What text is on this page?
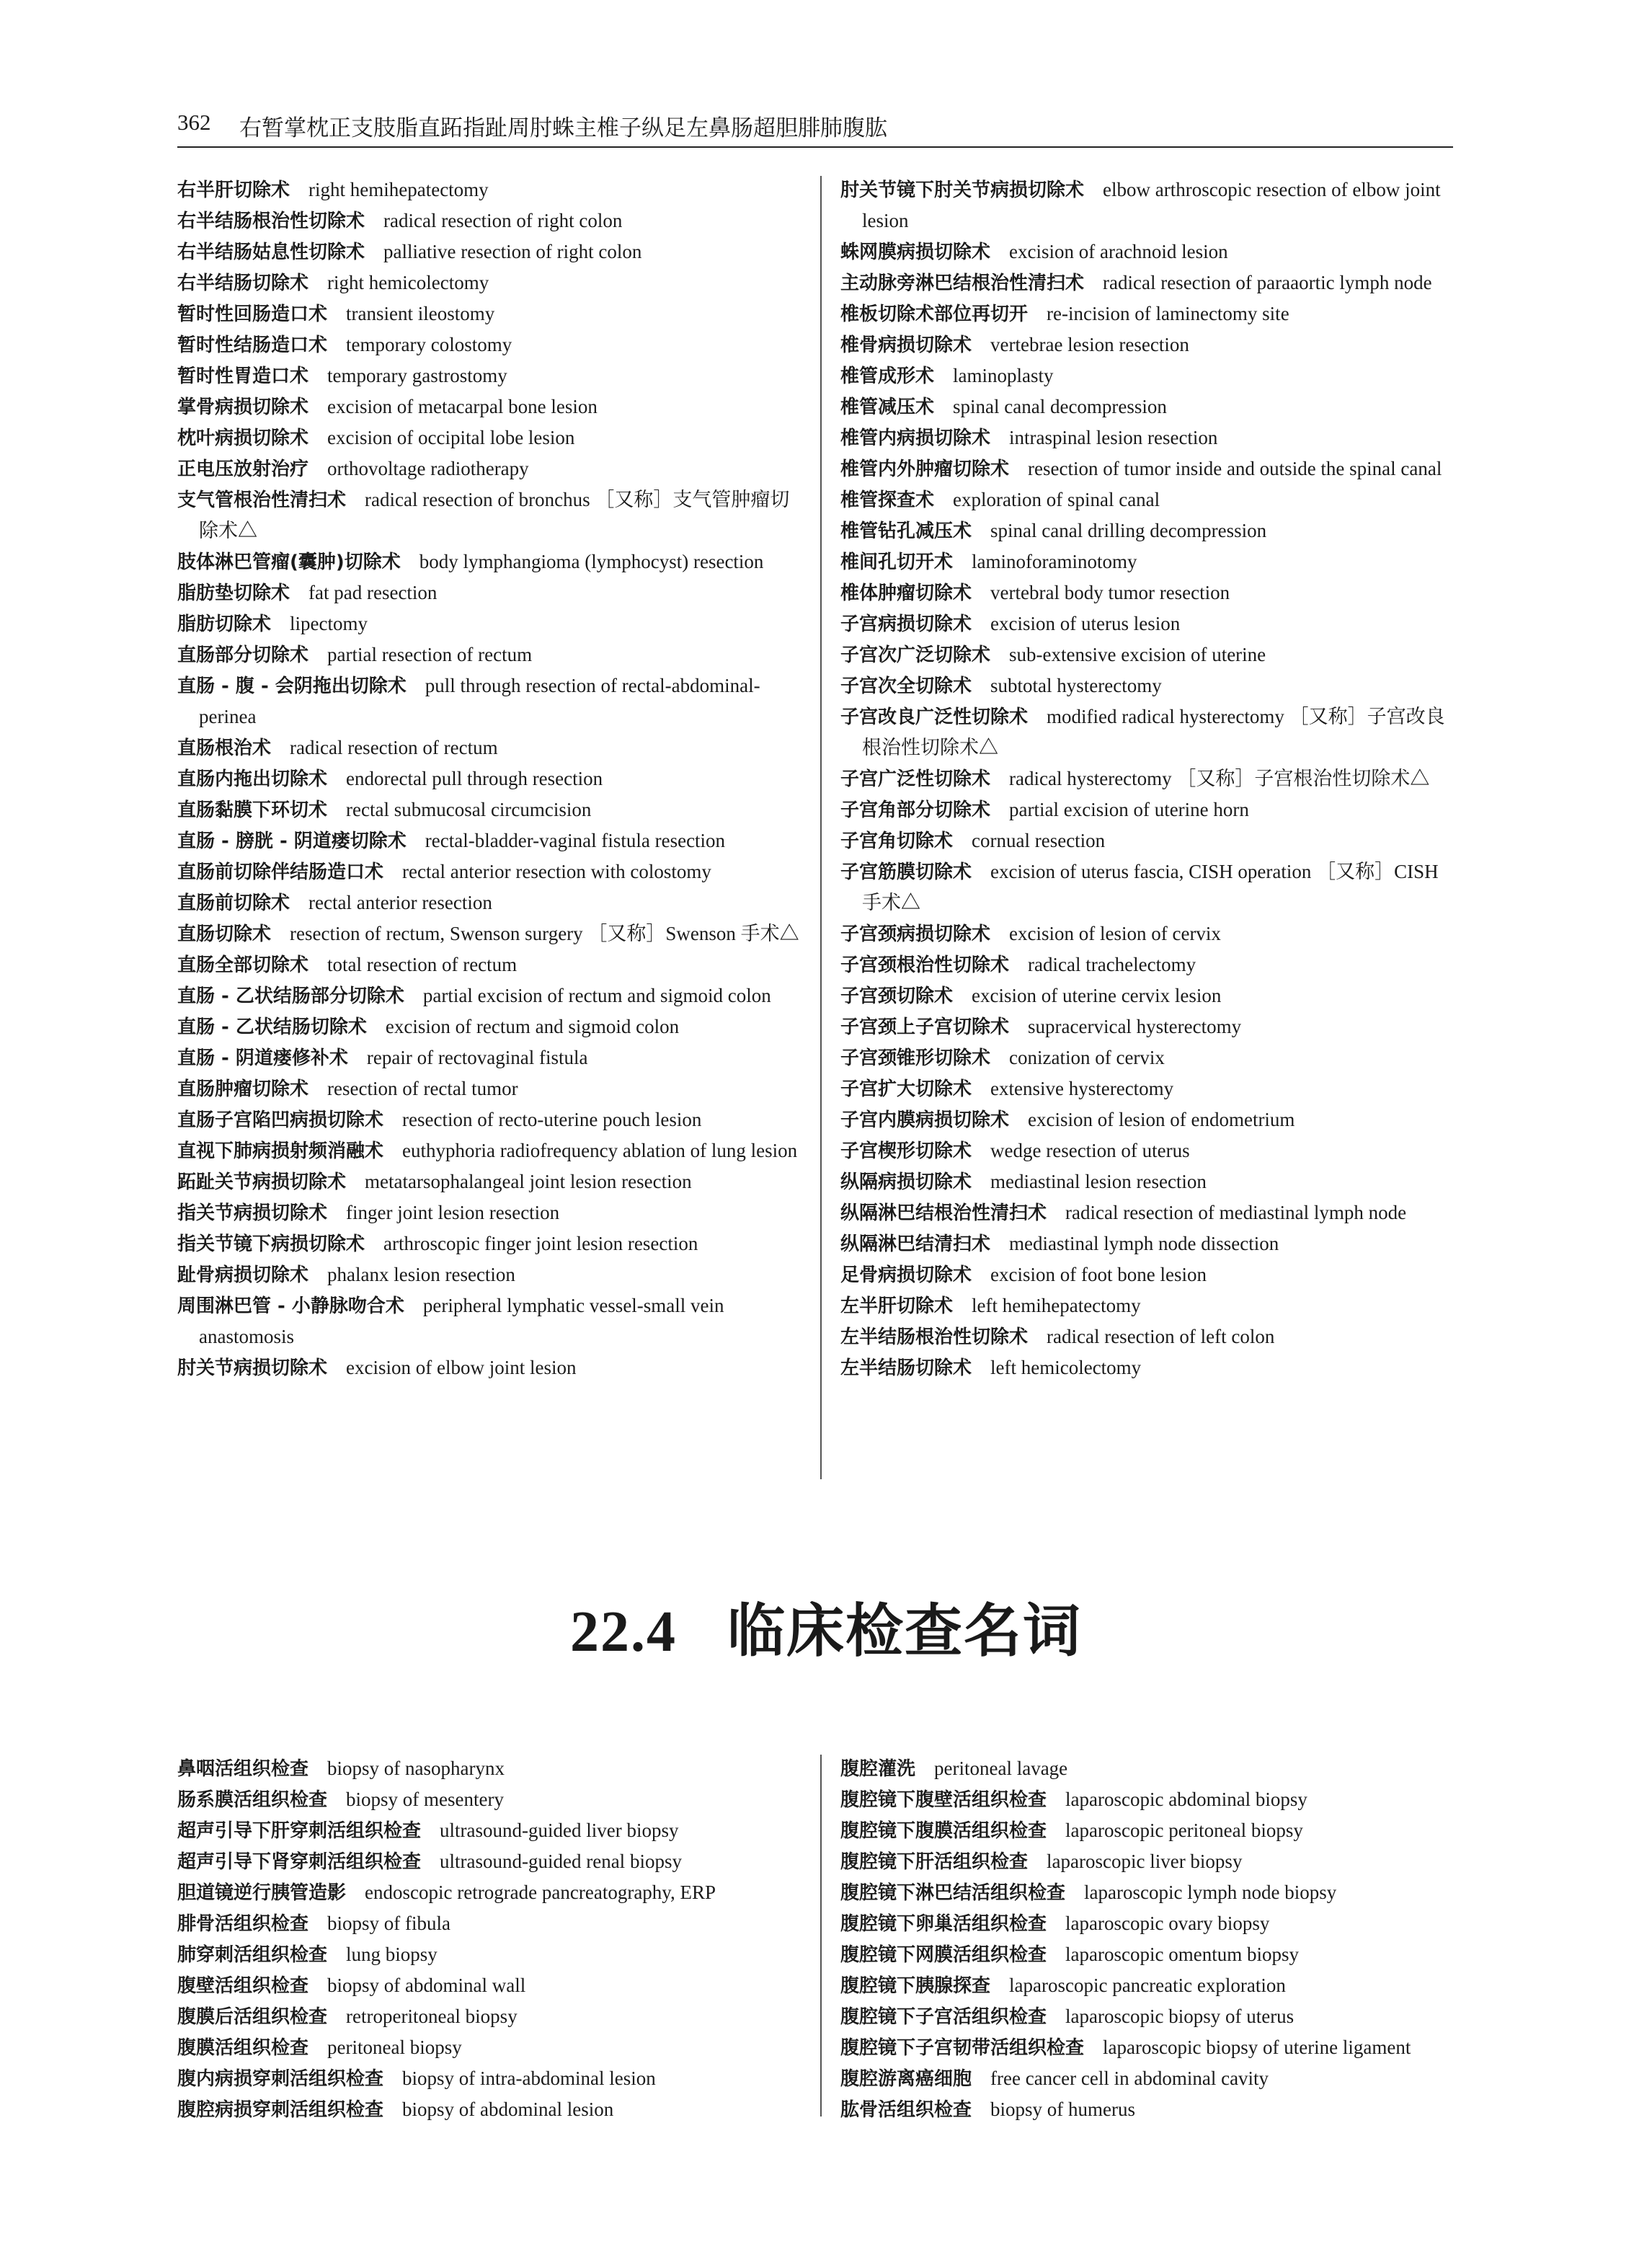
362 右暂掌枕正支肢脂直跖指趾周肘蛛主椎子纵足左鼻肠超胆腓肺腹肱
右半肝切除术 right hemihepatectomy
右半结肠根治性切除术 radical resection of right colon
右半结肠姑息性切除术 palliative resection of right colon
右半结肠切除术 right hemicolectomy
暂时性回肠造口术 transient ileostomy
暂时性结肠造口术 temporary colostomy
暂时性胃造口术 temporary gastrostomy
掌骨病损切除术 excision of metacarpal bone lesion
枕叶病损切除术 excision of occipital lobe lesion
正电压放射治疗 orthovoltage radiotherapy
支气管根治性清扫术 radical resection of bronchus ［又称］支气管肿瘤切除术△
肢体淋巴管瘤(囊肿)切除术 body lymphangioma (lymphocyst) resection
脂肪垫切除术 fat pad resection
脂肪切除术 lipectomy
直肠部分切除术 partial resection of rectum
直肠 - 腹 - 会阴拖出切除术 pull through resection of rectal-abdominal-perinea
直肠根治术 radical resection of rectum
直肠内拖出切除术 endorectal pull through resection
直肠黏膜下环切术 rectal submucosal circumcision
直肠 - 膀胱 - 阴道瘘切除术 rectal-bladder-vaginal fistula resection
直肠前切除伴结肠造口术 rectal anterior resection with colostomy
直肠前切除术 rectal anterior resection
直肠切除术 resection of rectum, Swenson surgery ［又称］Swenson 手术△
直肠全部切除术 total resection of rectum
直肠 - 乙状结肠部分切除术 partial excision of rectum and sigmoid colon
直肠 - 乙状结肠切除术 excision of rectum and sigmoid colon
直肠 - 阴道瘘修补术 repair of rectovaginal fistula
直肠肿瘤切除术 resection of rectal tumor
直肠子宫陷凹病损切除术 resection of recto-uterine pouch lesion
直视下肺病损射频消融术 euthyphoria radiofrequency ablation of lung lesion
跖趾关节病损切除术 metatarsophalangeal joint lesion resection
指关节病损切除术 finger joint lesion resection
指关节镜下病损切除术 arthroscopic finger joint lesion resection
趾骨病损切除术 phalanx lesion resection
周围淋巴管 - 小静脉吻合术 peripheral lymphatic vessel-small vein anastomosis
肘关节病损切除术 excision of elbow joint lesion
肘关节镜下肘关节病损切除术 elbow arthroscopic resection of elbow joint lesion
蛛网膜病损切除术 excision of arachnoid lesion
主动脉旁淋巴结根治性清扫术 radical resection of paraaortic lymph node
椎板切除术部位再切开 re-incision of laminectomy site
椎骨病损切除术 vertebrae lesion resection
椎管成形术 laminoplasty
椎管减压术 spinal canal decompression
椎管内病损切除术 intraspinal lesion resection
椎管内外肿瘤切除术 resection of tumor inside and outside the spinal canal
椎管探查术 exploration of spinal canal
椎管钻孔减压术 spinal canal drilling decompression
椎间孔切开术 laminoforaminotomy
椎体肿瘤切除术 vertebral body tumor resection
子宫病损切除术 excision of uterus lesion
子宫次广泛切除术 sub-extensive excision of uterine
子宫次全切除术 subtotal hysterectomy
子宫改良广泛性切除术 modified radical hysterectomy ［又称］子宫改良根治性切除术△
子宫广泛性切除术 radical hysterectomy ［又称］子宫根治性切除术△
子宫角部分切除术 partial excision of uterine horn
子宫角切除术 cornual resection
子宫筋膜切除术 excision of uterus fascia, CISH operation ［又称］CISH 手术△
子宫颈病损切除术 excision of lesion of cervix
子宫颈根治性切除术 radical trachelectomy
子宫颈切除术 excision of uterine cervix lesion
子宫颈上子宫切除术 supracervical hysterectomy
子宫颈锥形切除术 conization of cervix
子宫扩大切除术 extensive hysterectomy
子宫内膜病损切除术 excision of lesion of endometrium
子宫楔形切除术 wedge resection of uterus
纵隔病损切除术 mediastinal lesion resection
纵隔淋巴结根治性清扫术 radical resection of mediastinal lymph node
纵隔淋巴结清扫术 mediastinal lymph node dissection
足骨病损切除术 excision of foot bone lesion
左半肝切除术 left hemihepatectomy
左半结肠根治性切除术 radical resection of left colon
左半结肠切除术 left hemicolectomy
22.4 临床检查名词
鼻咽活组织检查 biopsy of nasopharynx
肠系膜活组织检查 biopsy of mesentery
超声引导下肝穿刺活组织检查 ultrasound-guided liver biopsy
超声引导下肾穿刺活组织检查 ultrasound-guided renal biopsy
胆道镜逆行胰管造影 endoscopic retrograde pancreatography, ERP
腓骨活组织检查 biopsy of fibula
肺穿刺活组织检查 lung biopsy
腹壁活组织检查 biopsy of abdominal wall
腹膜后活组织检查 retroperitoneal biopsy
腹膜活组织检查 peritoneal biopsy
腹内病损穿刺活组织检查 biopsy of intra-abdominal lesion
腹腔病损穿刺活组织检查 biopsy of abdominal lesion
腹腔灌洗 peritoneal lavage
腹腔镜下腹壁活组织检查 laparoscopic abdominal biopsy
腹腔镜下腹膜活组织检查 laparoscopic peritoneal biopsy
腹腔镜下肝活组织检查 laparoscopic liver biopsy
腹腔镜下淋巴结活组织检查 laparoscopic lymph node biopsy
腹腔镜下卵巢活组织检查 laparoscopic ovary biopsy
腹腔镜下网膜活组织检查 laparoscopic omentum biopsy
腹腔镜下胰腺探查 laparoscopic pancreatic exploration
腹腔镜下子宫活组织检查 laparoscopic biopsy of uterus
腹腔镜下子宫韧带活组织检查 laparoscopic biopsy of uterine ligament
腹腔游离癌细胞 free cancer cell in abdominal cavity
肱骨活组织检查 biopsy of humerus
